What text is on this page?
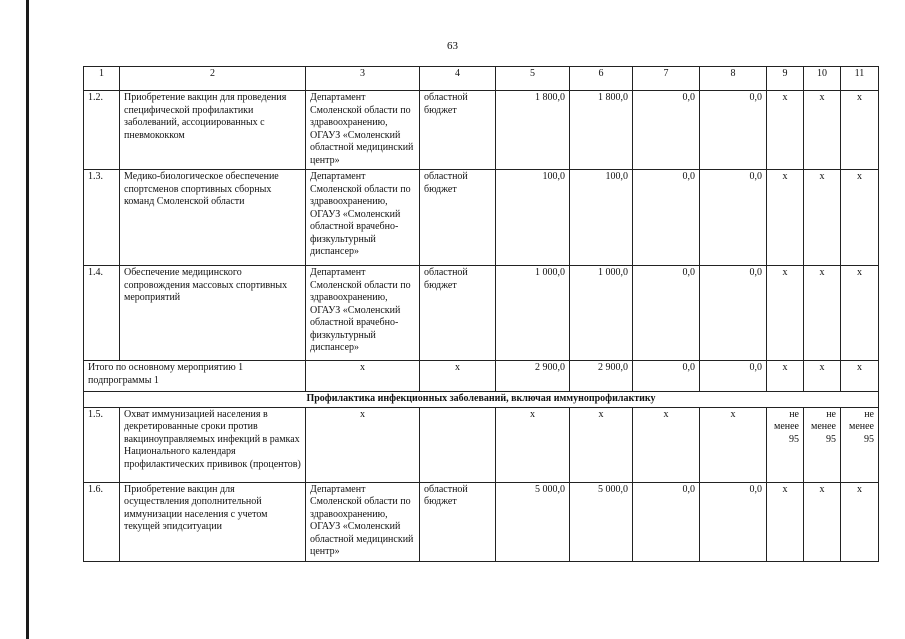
63
1	2	3	4	5	6	7	8	9	10	11
1.2.	Приобретение вакцин для проведения специфической профилактики заболеваний, ассоциированных с пневмококком	Департамент Смоленской области по здравоохранению, ОГАУЗ «Смоленский областной медицинский центр»	областной бюджет	1 800,0	1 800,0	0,0	0,0	x	x	x
1.3.	Медико-биологическое обеспечение спортсменов спортивных сборных команд Смоленской области	Департамент Смоленской области по здравоохранению, ОГАУЗ «Смоленский областной врачебно-физкультурный диспансер»	областной бюджет	100,0	100,0	0,0	0,0	x	x	x
1.4.	Обеспечение медицинского сопровождения массовых спортивных мероприятий	Департамент Смоленской области по здравоохранению, ОГАУЗ «Смоленский областной врачебно-физкультурный диспансер»	областной бюджет	1 000,0	1 000,0	0,0	0,0	x	x	x
Итого по основному мероприятию 1 подпрограммы 1		x	x	2 900,0	2 900,0	0,0	0,0	x	x	x
Профилактика инфекционных заболеваний, включая иммунопрофилактику										
1.5.	Охват иммунизацией населения в декретированные сроки против вакциноуправляемых инфекций в рамках Национального календаря профилактических прививок (процентов)	x		x	x	x	x	не менее 95	не менее 95	не менее 95
1.6.	Приобретение вакцин для осуществления дополнительной иммунизации населения с учетом текущей эпидситуации	Департамент Смоленской области по здравоохранению, ОГАУЗ «Смоленский областной медицинский центр»	областной бюджет	5 000,0	5 000,0	0,0	0,0	x	x	x
